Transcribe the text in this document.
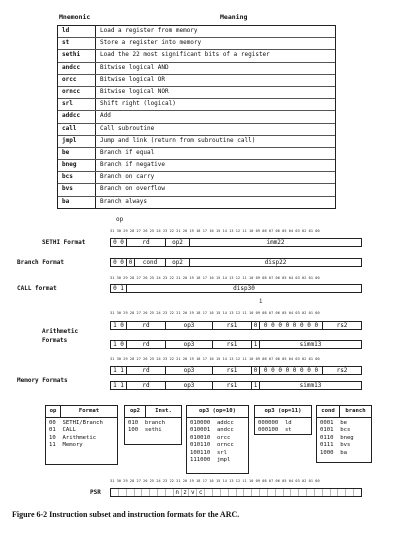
Mnemonic	Meaning
ld	Load a register from memory
st	Store a register into memory
sethi	Load the 22 most significant bits of a register
andcc	Bitwise logical AND
orcc	Bitwise logical OR
orncc	Bitwise logical NOR
srl	Shift right (logical)
addcc	Add
call	Call subroutine
jmpl	Jump and link (return from subroutine call)
be	Branch if equal
bneg	Branch if negative
bcs	Branch on carry
bvs	Branch on overflow
ba	Branch always
op
31 30 29 28 27 26 25 24 23 22 21 20 19 18 17 16 15 14 13 12 11 10 09 08 07 06 05 04 03 02 01 00
SETHI Format	0 0	rd	op2	imm22
Branch Format	0 0 0	cond	op2	disp22
31 30 29 28 27 26 25 24 23 22 21 20 19 18 17 16 15 14 13 12 11 10 09 08 07 06 05 04 03 02 01 00
CALL format	0 1	disp30
i
31 30 29 28 27 26 25 24 23 22 21 20 19 18 17 16 15 14 13 12 11 10 09 08 07 06 05 04 03 02 01 00
Arithmetic
Formats
1 0	rd	op3	rs1	0	0 0 0 0 0 0 0 0	rs2
1 0	rd	op3	rs1	1	simm13
31 30 29 28 27 26 25 24 23 22 21 20 19 18 17 16 15 14 13 12 11 10 09 08 07 06 05 04 03 02 01 00
Memory Formats
1 1	rd	op3	rs1	0	0 0 0 0 0 0 0 0	rs2
1 1	rd	op3	rs1	1	simm13
op	Format
00  SETHI/Branch
01  CALL
10  Arithmetic
11  Memory
op2	Inst.
010  branch
100  sethi
op3 (op=10)
010000  addcc
010001  andcc
010010  orcc
010110  orncc
100110  srl
111000  jmpl
op3 (op=11)
000000  ld
000100  st
cond	branch
0001  be
0101  bcs
0110  bneg
0111  bvs
1000  ba
31 30 29 28 27 26 25 24 23 22 21 20 19 18 17 16 15 14 13 12 11 10 09 08 07 06 05 04 03 02 01 00
PSR	n z v c
Figure 6-2 Instruction subset and instruction formats for the ARC.
